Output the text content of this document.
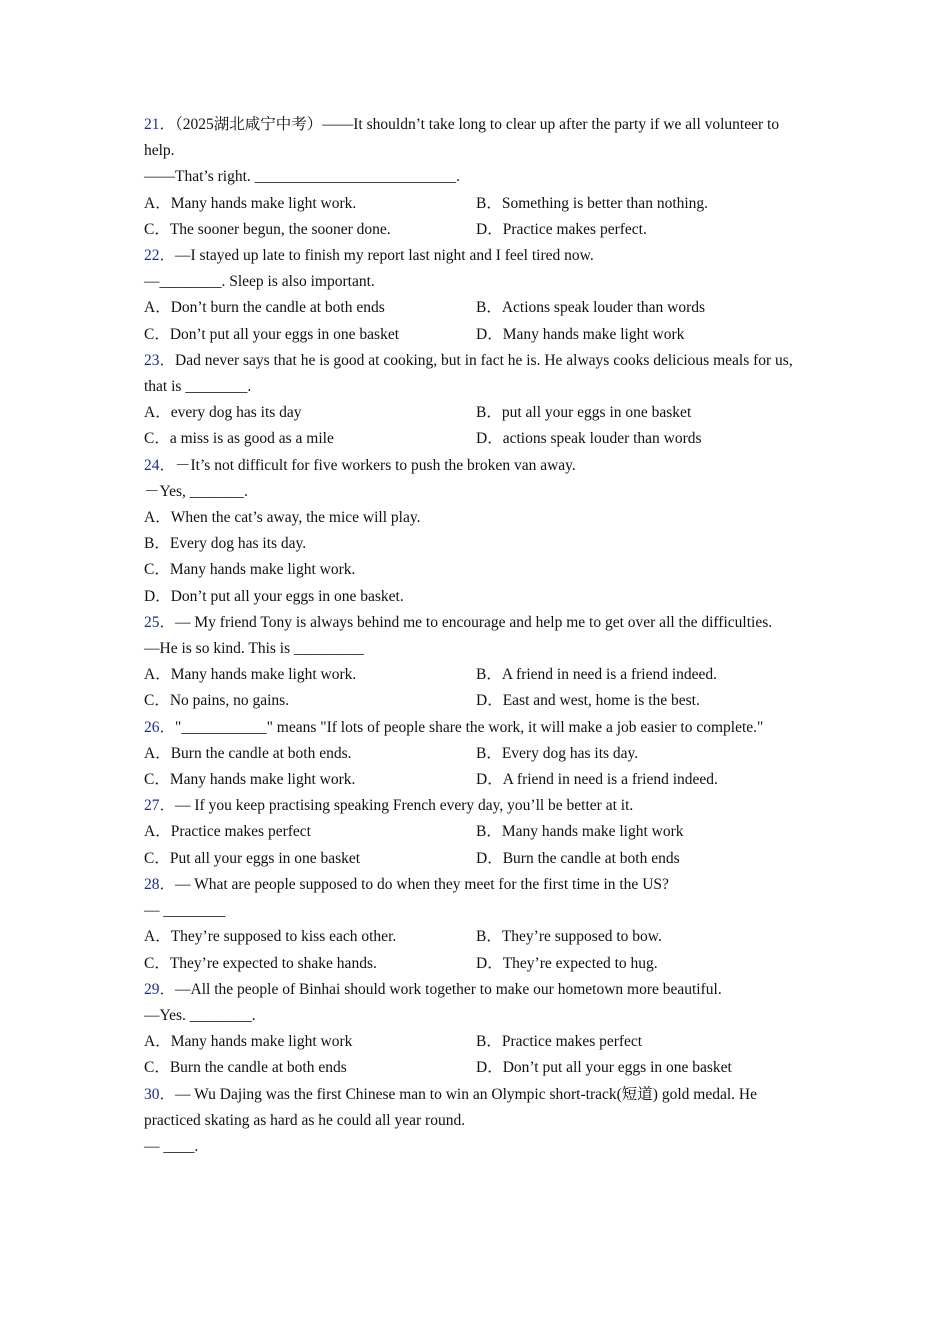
21．（2025湖北咸宁中考）——It shouldn’t take long to clear up after the party if we all volunteer to help.
——That’s right. __________________________.
A．Many hands make light work.	B．Something is better than nothing.
C．The sooner begun, the sooner done.	D．Practice makes perfect.
22．—I stayed up late to finish my report last night and I feel tired now.
—________. Sleep is also important.
A．Don’t burn the candle at both ends	B．Actions speak louder than words
C．Don’t put all your eggs in one basket	D．Many hands make light work
23．Dad never says that he is good at cooking, but in fact he is. He always cooks delicious meals for us, that is ________.
A．every dog has its day	B．put all your eggs in one basket
C．a miss is as good as a mile	D．actions speak louder than words
24．－It’s not difficult for five workers to push the broken van away.
－Yes, _______.
A．When the cat’s away, the mice will play.
B．Every dog has its day.
C．Many hands make light work.
D．Don’t put all your eggs in one basket.
25．— My friend Tony is always behind me to encourage and help me to get over all the difficulties.
—He is so kind. This is _________
A．Many hands make light work.	B．A friend in need is a friend indeed.
C．No pains, no gains.	D．East and west, home is the best.
26．"___________" means "If lots of people share the work, it will make a job easier to complete."
A．Burn the candle at both ends.	B．Every dog has its day.
C．Many hands make light work.	D．A friend in need is a friend indeed.
27．— If you keep practising speaking French every day, you’ll be better at it.
A．Practice makes perfect	B．Many hands make light work
C．Put all your eggs in one basket	D．Burn the candle at both ends
28．— What are people supposed to do when they meet for the first time in the US?
— ________
A．They’re supposed to kiss each other.	B．They’re supposed to bow.
C．They’re expected to shake hands.	D．They’re expected to hug.
29．—All the people of Binhai should work together to make our hometown more beautiful.
—Yes. ________.
A．Many hands make light work	B．Practice makes perfect
C．Burn the candle at both ends	D．Don’t put all your eggs in one basket
30．— Wu Dajing was the first Chinese man to win an Olympic short-track(短道) gold medal. He practiced skating as hard as he could all year round.
— ____.
